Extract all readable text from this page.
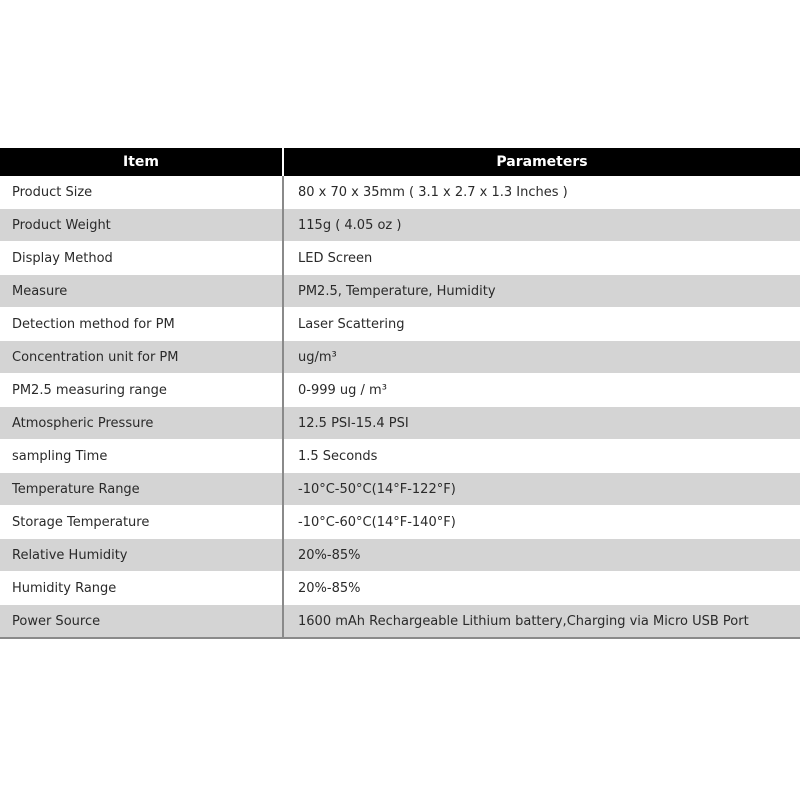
Item	Parameters
Product Size	80 x 70 x 35mm ( 3.1 x 2.7 x 1.3 Inches )
Product Weight	115g ( 4.05 oz )
Display Method	LED Screen
Measure	PM2.5, Temperature, Humidity
Detection method for PM	Laser Scattering
Concentration unit for PM	ug/m³
PM2.5 measuring range	0-999 ug / m³
Atmospheric Pressure	12.5 PSI-15.4 PSI
sampling Time	1.5 Seconds
Temperature Range	-10°C-50°C(14°F-122°F)
Storage Temperature	-10°C-60°C(14°F-140°F)
Relative Humidity	20%-85%
Humidity Range	20%-85%
Power Source	1600 mAh Rechargeable Lithium battery,Charging via Micro USB Port
